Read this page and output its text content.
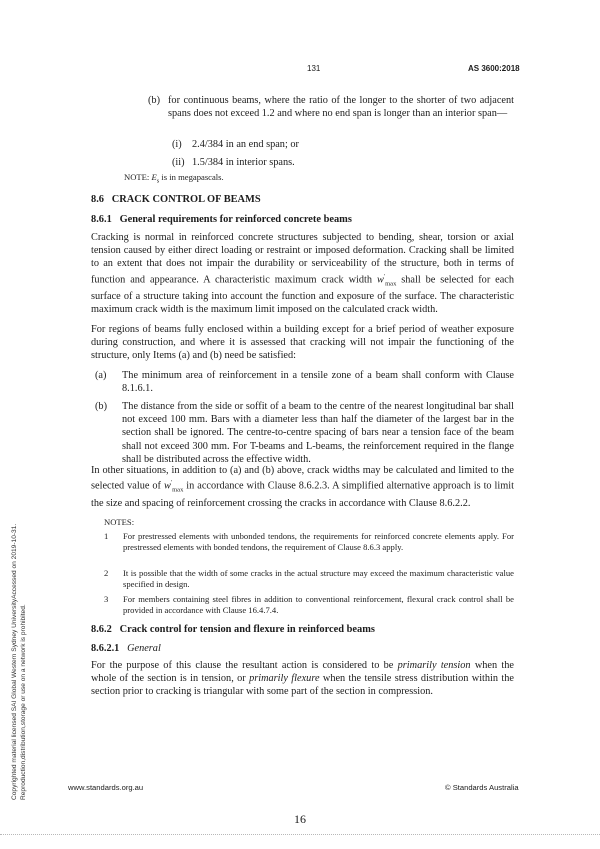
131	AS 3600:2018
(b) for continuous beams, where the ratio of the longer to the shorter of two adjacent spans does not exceed 1.2 and where no end span is longer than an interior span—
(i) 2.4/384 in an end span; or
(ii) 1.5/384 in interior spans.
NOTE: $E_s$ is in megapascals.
8.6 CRACK CONTROL OF BEAMS
8.6.1 General requirements for reinforced concrete beams
Cracking is normal in reinforced concrete structures subjected to bending, shear, torsion or axial tension caused by either direct loading or restraint or imposed deformation. Cracking shall be limited to an extent that does not impair the durability or serviceability of the structure, both in terms of function and appearance. A characteristic maximum crack width $w'_{max}$ shall be selected for each surface of a structure taking into account the function and exposure of the surface. The characteristic maximum crack width is the maximum limit imposed on the calculated crack width.
For regions of beams fully enclosed within a building except for a brief period of weather exposure during construction, and where it is assessed that cracking will not impair the functioning of the structure, only Items (a) and (b) need be satisfied:
(a)	The minimum area of reinforcement in a tensile zone of a beam shall conform with Clause 8.1.6.1.
(b)	The distance from the side or soffit of a beam to the centre of the nearest longitudinal bar shall not exceed 100 mm. Bars with a diameter less than half the diameter of the largest bar in the section shall be ignored. The centre-to-centre spacing of bars near a tension face of the beam shall not exceed 300 mm. For T-beams and L-beams, the reinforcement required in the flange shall be distributed across the effective width.
In other situations, in addition to (a) and (b) above, crack widths may be calculated and limited to the selected value of $w'_{max}$ in accordance with Clause 8.6.2.3. A simplified alternative approach is to limit the size and spacing of reinforcement crossing the cracks in accordance with Clause 8.6.2.2.
NOTES:
1	For prestressed elements with unbonded tendons, the requirements for reinforced concrete elements apply. For prestressed elements with bonded tendons, the requirement of Clause 8.6.3 apply.
2	It is possible that the width of some cracks in the actual structure may exceed the maximum characteristic value specified in design.
3	For members containing steel fibres in addition to conventional reinforcement, flexural crack control shall be provided in accordance with Clause 16.4.7.4.
8.6.2 Crack control for tension and flexure in reinforced beams
8.6.2.1 General
For the purpose of this clause the resultant action is considered to be primarily tension when the whole of the section is in tension, or primarily flexure when the tensile stress distribution within the section prior to cracking is triangular with some part of the section in compression.
www.standards.org.au	© Standards Australia
16
Copyrighted material licensed SAI Global Western Sydney UniversityAccessed on 2019-10-31. Reproduction,distribution,storage or use on a network is prohibited.
